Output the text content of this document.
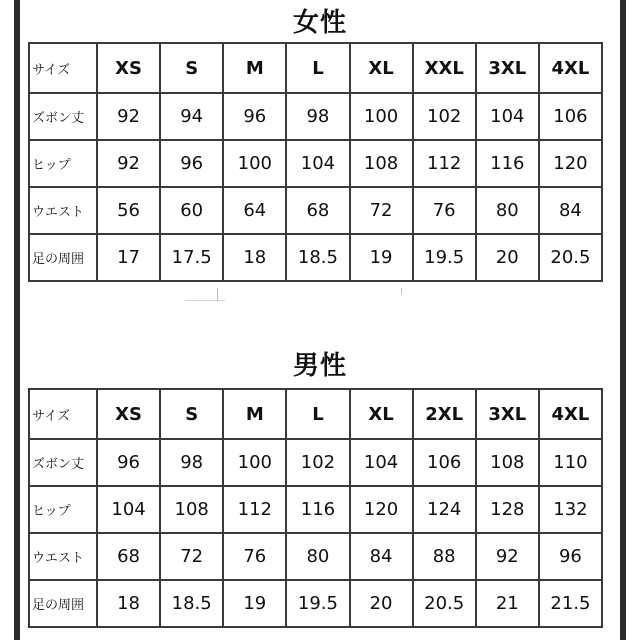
女性
サイズ	XS	S	M	L	XL	XXL	3XL	4XL
ズボン丈	92	94	96	98	100	102	104	106
ヒップ	92	96	100	104	108	112	116	120
ウエスト	56	60	64	68	72	76	80	84
足の周囲	17	17.5	18	18.5	19	19.5	20	20.5
男性
サイズ	XS	S	M	L	XL	2XL	3XL	4XL
ズボン丈	96	98	100	102	104	106	108	110
ヒップ	104	108	112	116	120	124	128	132
ウエスト	68	72	76	80	84	88	92	96
足の周囲	18	18.5	19	19.5	20	20.5	21	21.5
